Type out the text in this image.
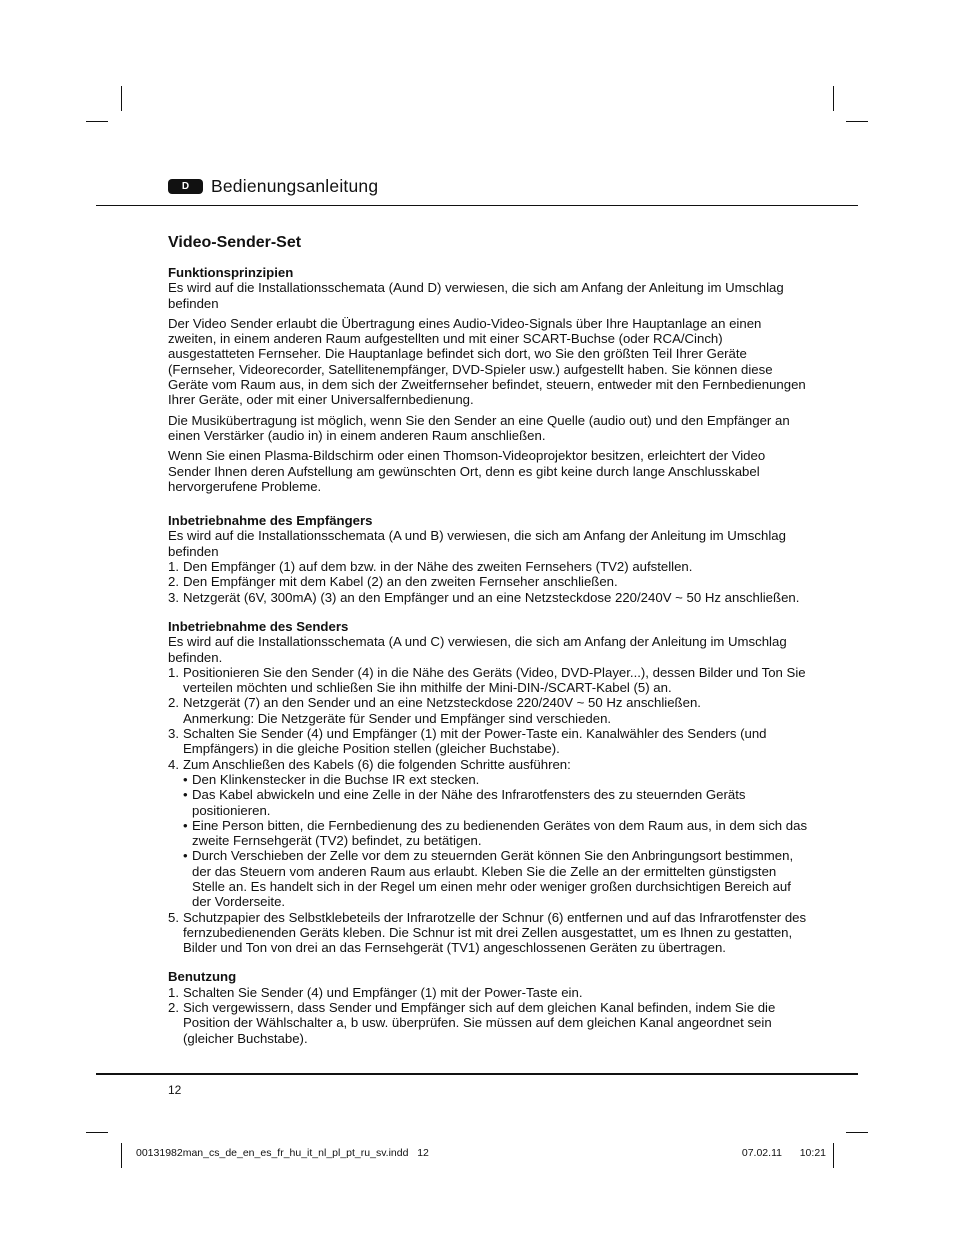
D	Bedienungsanleitung
Video-Sender-Set
Funktionsprinzipien
Es wird auf die Installationsschemata (Aund D) verwiesen, die sich am Anfang der Anleitung im Umschlag befinden
Der Video Sender erlaubt die Übertragung eines Audio-Video-Signals über Ihre Hauptanlage an einen zweiten, in einem anderen Raum aufgestellten und mit einer SCART-Buchse (oder RCA/Cinch) ausgestatteten Fernseher. Die Hauptanlage befindet sich dort, wo Sie den größten Teil Ihrer Geräte (Fernseher, Videorecorder, Satellitenempfänger, DVD-Spieler usw.) aufgestellt haben. Sie können diese Geräte vom Raum aus, in dem sich der Zweitfernseher befindet, steuern, entweder mit den Fernbedienungen Ihrer Geräte, oder mit einer Universalfernbedienung.
Die Musikübertragung ist möglich, wenn Sie den Sender an eine Quelle (audio out) und den Empfänger an einen Verstärker (audio in) in einem anderen Raum anschließen.
Wenn Sie einen Plasma-Bildschirm oder einen Thomson-Videoprojektor besitzen, erleichtert der Video Sender Ihnen deren Aufstellung am gewünschten Ort, denn es gibt keine durch lange Anschlusskabel hervorgerufene Probleme.
Inbetriebnahme des Empfängers
Es wird auf die Installationsschemata (A und B) verwiesen, die sich am Anfang der Anleitung im Umschlag befinden
1. Den Empfänger (1) auf dem bzw. in der Nähe des zweiten Fernsehers (TV2) aufstellen.
2. Den Empfänger mit dem Kabel (2) an den zweiten Fernseher anschließen.
3. Netzgerät (6V, 300mA) (3) an den Empfänger und an eine Netzsteckdose 220/240V ~ 50 Hz anschließen.
Inbetriebnahme des Senders
Es wird auf die Installationsschemata (A und C) verwiesen, die sich am Anfang der Anleitung im Umschlag befinden.
1. Positionieren Sie den Sender (4) in die Nähe des Geräts (Video, DVD-Player...), dessen Bilder und Ton Sie verteilen möchten und schließen Sie ihn mithilfe der Mini-DIN-/SCART-Kabel (5) an.
2. Netzgerät (7) an den Sender und an eine Netzsteckdose 220/240V ~ 50 Hz anschließen.
Anmerkung: Die Netzgeräte für Sender und Empfänger sind verschieden.
3. Schalten Sie Sender (4) und Empfänger (1) mit der Power-Taste ein. Kanalwähler des Senders (und Empfängers) in die gleiche Position stellen (gleicher Buchstabe).
4. Zum Anschließen des Kabels (6) die folgenden Schritte ausführen:
• Den Klinkenstecker in die Buchse IR ext stecken.
• Das Kabel abwickeln und eine Zelle in der Nähe des Infrarotfensters des zu steuernden Geräts positionieren.
• Eine Person bitten, die Fernbedienung des zu bedienenden Gerätes von dem Raum aus, in dem sich das zweite Fernsehgerät (TV2) befindet, zu betätigen.
• Durch Verschieben der Zelle vor dem zu steuernden Gerät können Sie den Anbringungsort bestimmen, der das Steuern vom anderen Raum aus erlaubt. Kleben Sie die Zelle an der ermittelten günstigsten Stelle an. Es handelt sich in der Regel um einen mehr oder weniger großen durchsichtigen Bereich auf der Vorderseite.
5. Schutzpapier des Selbstklebeteils der Infrarotzelle der Schnur (6) entfernen und auf das Infrarotfenster des fernzubedienenden Geräts kleben. Die Schnur ist mit drei Zellen ausgestattet, um es Ihnen zu gestatten, Bilder und Ton von drei an das Fernsehgerät (TV1) angeschlossenen Geräten zu übertragen.
Benutzung
1. Schalten Sie Sender (4) und Empfänger (1) mit der Power-Taste ein.
2. Sich vergewissern, dass Sender und Empfänger sich auf dem gleichen Kanal befinden, indem Sie die Position der Wählschalter a, b usw. überprüfen. Sie müssen auf dem gleichen Kanal angeordnet sein (gleicher Buchstabe).
12
00131982man_cs_de_en_es_fr_hu_it_nl_pl_pt_ru_sv.indd   12	07.02.11   10:21
